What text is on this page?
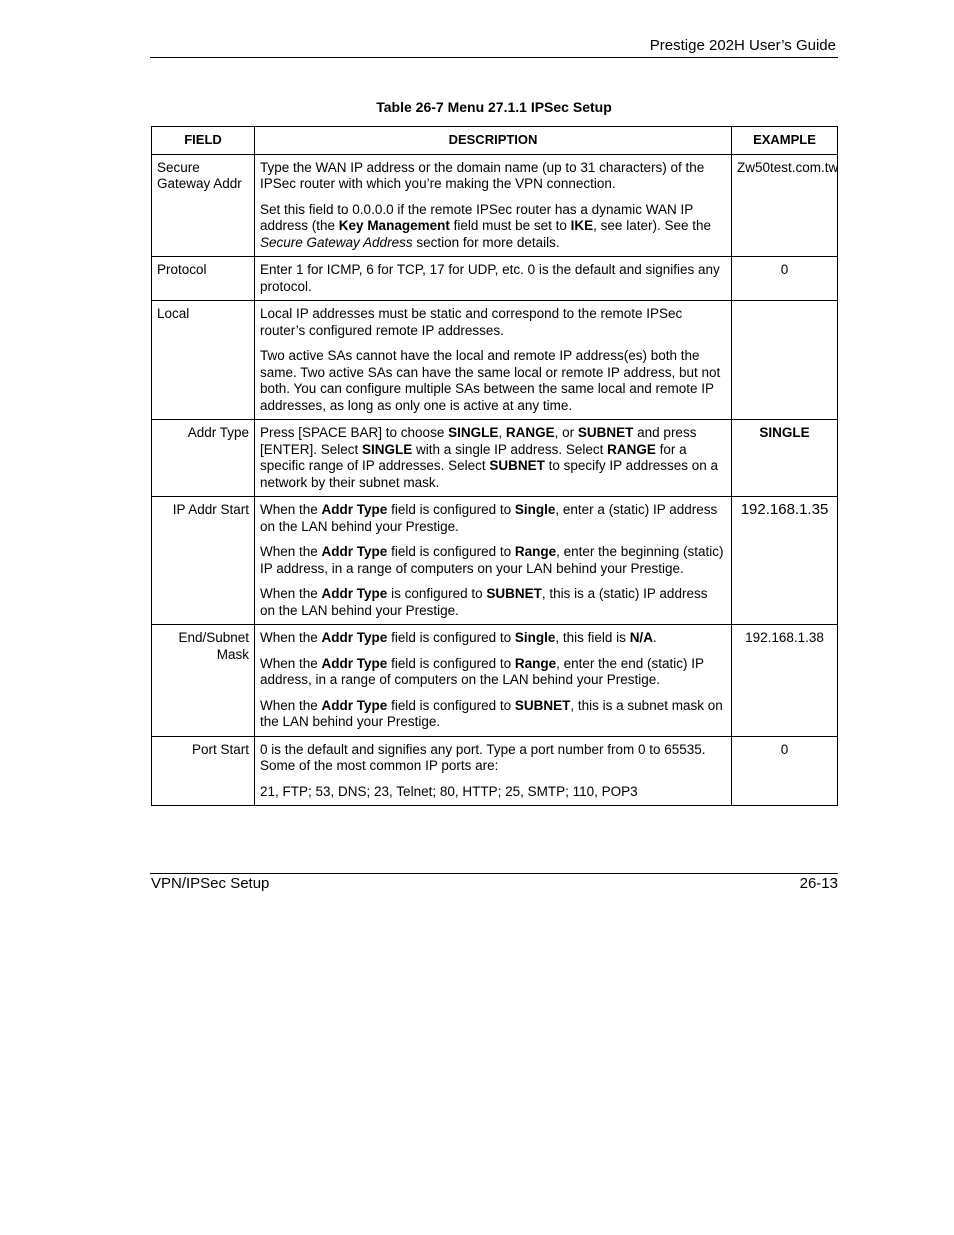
Prestige 202H User’s Guide
Table 26-7 Menu 27.1.1 IPSec Setup
FIELD	DESCRIPTION	EXAMPLE
Secure Gateway Addr	Type the WAN IP address or the domain name (up to 31 characters) of the IPSec router with which you’re making the VPN connection.

Set this field to 0.0.0.0 if the remote IPSec router has a dynamic WAN IP address (the Key Management field must be set to IKE, see later). See the Secure Gateway Address section for more details.	Zw50test.com.tw
Protocol	Enter 1 for ICMP, 6 for TCP, 17 for UDP, etc. 0 is the default and signifies any protocol.	0
Local	Local IP addresses must be static and correspond to the remote IPSec router’s configured remote IP addresses.

Two active SAs cannot have the local and remote IP address(es) both the same. Two active SAs can have the same local or remote IP address, but not both. You can configure multiple SAs between the same local and remote IP addresses, as long as only one is active at any time.	

Addr Type	Press [SPACE BAR] to choose SINGLE, RANGE, or SUBNET and press [ENTER]. Select SINGLE with a single IP address. Select RANGE for a specific range of IP addresses. Select SUBNET to specify IP addresses on a network by their subnet mask.	SINGLE
IP Addr Start	When the Addr Type field is configured to Single, enter a (static) IP address on the LAN behind your Prestige.

When the Addr Type field is configured to Range, enter the beginning (static) IP address, in a range of computers on your LAN behind your Prestige.

When the Addr Type is configured to SUBNET, this is a (static) IP address on the LAN behind your Prestige.	192.168.1.35
End/Subnet Mask	When the Addr Type field is configured to Single, this field is N/A.

When the Addr Type field is configured to Range, enter the end (static) IP address, in a range of computers on the LAN behind your Prestige.

When the Addr Type field is configured to SUBNET, this is a subnet mask on the LAN behind your Prestige.	192.168.1.38
Port Start	0 is the default and signifies any port. Type a port number from 0 to 65535. Some of the most common IP ports are:

21, FTP; 53, DNS; 23, Telnet; 80, HTTP; 25, SMTP; 110, POP3	0
VPN/IPSec Setup	26-13
